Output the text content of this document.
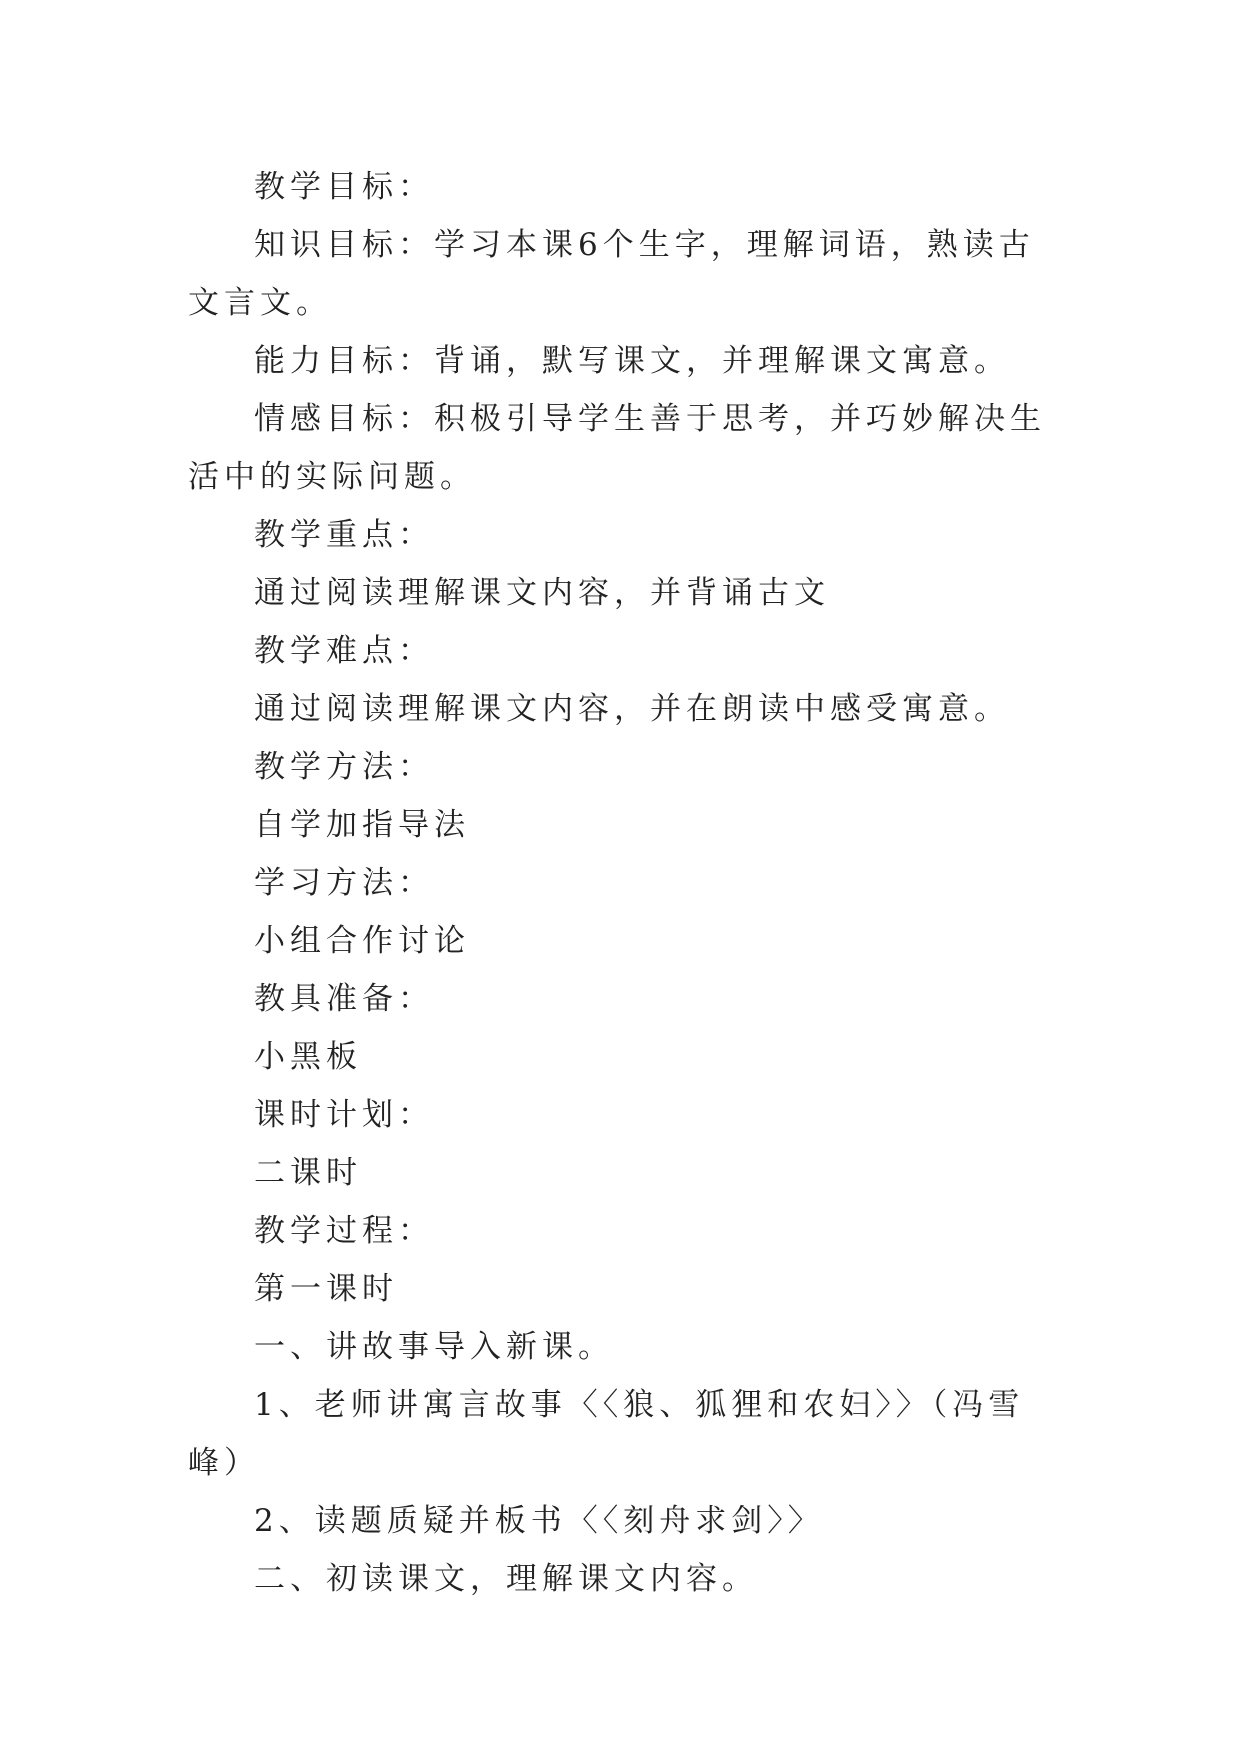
教学目标：

知识目标：学习本课6个生字，理解词语，熟读古文言文。

能力目标：背诵，默写课文，并理解课文寓意。

情感目标：积极引导学生善于思考，并巧妙解决生活中的实际问题。

教学重点：

通过阅读理解课文内容，并背诵古文

教学难点：

通过阅读理解课文内容，并在朗读中感受寓意。

教学方法：

自学加指导法

学习方法：

小组合作讨论

教具准备：

小黑板

课时计划：

二课时

教学过程：

第一课时

一、讲故事导入新课。

1、老师讲寓言故事〈〈狼、狐狸和农妇〉〉（冯雪峰）

2、读题质疑并板书〈〈刻舟求剑〉〉

二、初读课文，理解课文内容。
